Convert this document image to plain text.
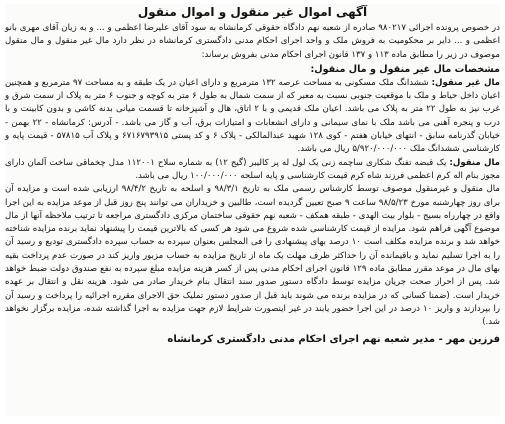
آگهی اموال غیر منقول و اموال منقول

در خصوص پرونده اجرائی ۹۸۰۲۱۷ صادره از شعبه نهم دادگاه حقوقی کرمانشاه به سود آقای علیرضا اعظمی و ... و به زیان آقای مهری بانو اعظمی و ... دایر بر محکومیت به فروش ملک و واحد اجرای احکام مدنی دادگستری کرمانشاه در نظر دارد مال غیر منقول و مال منقول موصوف در زیر را مطابق ماده ۱۱۳ و ۱۳۷ قانون اجرای احکام مدنی بفروش برساند:

مشخصات مال غیر منقول و مال منقول:

مال غیر منقول: ششدانگ ملک مسکونی به مساحت عرصه ۱۳۲ مترمربع و دارای اعیان در یک طبقه و به مساحت ۹۷ مترمربع و همچنین اعیان داخل حیاط و ملک با موقعیت جنوبی نسبت به معبر که از سمت شمال به طول ۶ متر به کوچه و جنوب ۶ متر به پلاک از سمت شرق و غرب نیز به طول ۲۲ متر به پلاک می باشد. اعیان ملک قدیمی و با ۲ اتاق، هال و آشپزخانه تا قسمت میانی بدنه کاشی و بدون کابینت و با درب و پنجره آهنی می باشد ملک با نمای سیمانی و دارای انشعابات و امتیازات برق، آب و گاز می باشد. - آدرس: کرمانشاه - ۲۲ بهمن - خیابان گذرنامه سابق - انتهای خیابان هفتم - کوی ۱۲۸ شهید عبدالمالکی - پلاک ۶ و کد پستی ۶۷۱۶۷۹۳۹۱۵ و پلاک آب ۵۷۸۱۵ - قیمت پایه و کارشناسی ششدانگ ملک ۵/۹۲۰/۰۰۰/۰۰۰ ریال می باشد.

مال منقول: یک قبضه تفنگ شکاری ساچمه زنی یک لول له پر کالیبر (گیج ۱۲) به شماره سلاح ۱۱۲۰۰۱ مدل چخماقی ساخت آلمان دارای مجوز بنام اله کرم اعظمی فرزند شاه کرم قیمت کارشناسی و پایه اسلحه ۱۰۰/۰۰۰/۰۰۰ ریال می باشد.

مال منقول و غیرمنقول موصوف توسط کارشناس رسمی ملک به تاریخ ۹۸/۳/۱ و اسلحه به تاریخ ۹۸/۴/۲ ارزیابی شده است و مزایده آن برای روز چهارشنبه مورخ ۹۸/۵/۲۳ ساعت ۹ صبح تعیین گردیده است، طالبین و خریداران می توانند پنج روز قبل از موعد مزایده به این اجرا واقع در چهارراه بسیج - بلوار بیت الهدی - طبقه همکف - شعبه نهم حقوقی ساختمان مرکزی دادگستری مراجعه تا ترتیب ملاحظه آنها از مال موضوع آگهی فراهم شود. مزایده از قیمت کارشناسی شده شروع می شود هر کسی که بالاترین قیمت را پیشنهاد نماید برنده مزایده شناخته خواهد شد و برنده مزایده مکلف است ۱۰ درصد بهای پیشنهادی را فی المجلس بعنوان سپرده به حساب سپرده دادگستری تودیع و رسید آن را به اجرا تسلیم نماید و باقیمانده آن را حداکثر ظرف مهلت یک ماه از تاریخ مزایده به حساب مزبور واریز کند در صورت عدم پرداخت بقیه بهای مال در موعد مقرر مطابق ماده ۱۲۹ قانون اجرای احکام مدنی پس از کسر هزینه مزایده مبلغ سپرده به نفع صندوق دولت ضبط خواهد شد. پس از احراز صحت جریان مزایده توسط دادگاه دستور صدور سند انتقال بنام خریدار صادر می شود. هزینه نقل و انتقال بر عهده خریدار است. (ضمنا کسانی که در مزایده برنده می شوند باید قبل از صدور دستور تملیک حق الاجرای مقرره اجرائیه را پرداخت و رسید آن را بپردازند و واریز ۱۰ درصد در این اجرا حضور یابند در غیر اینصورت شرایط لازم جهت مزایده به اجرا گذاشته شده، مزایده برگزار نخواهد شد.)

فرزین مهر - مدیر شعبه نهم اجرای احکام مدنی دادگستری کرمانشاه
